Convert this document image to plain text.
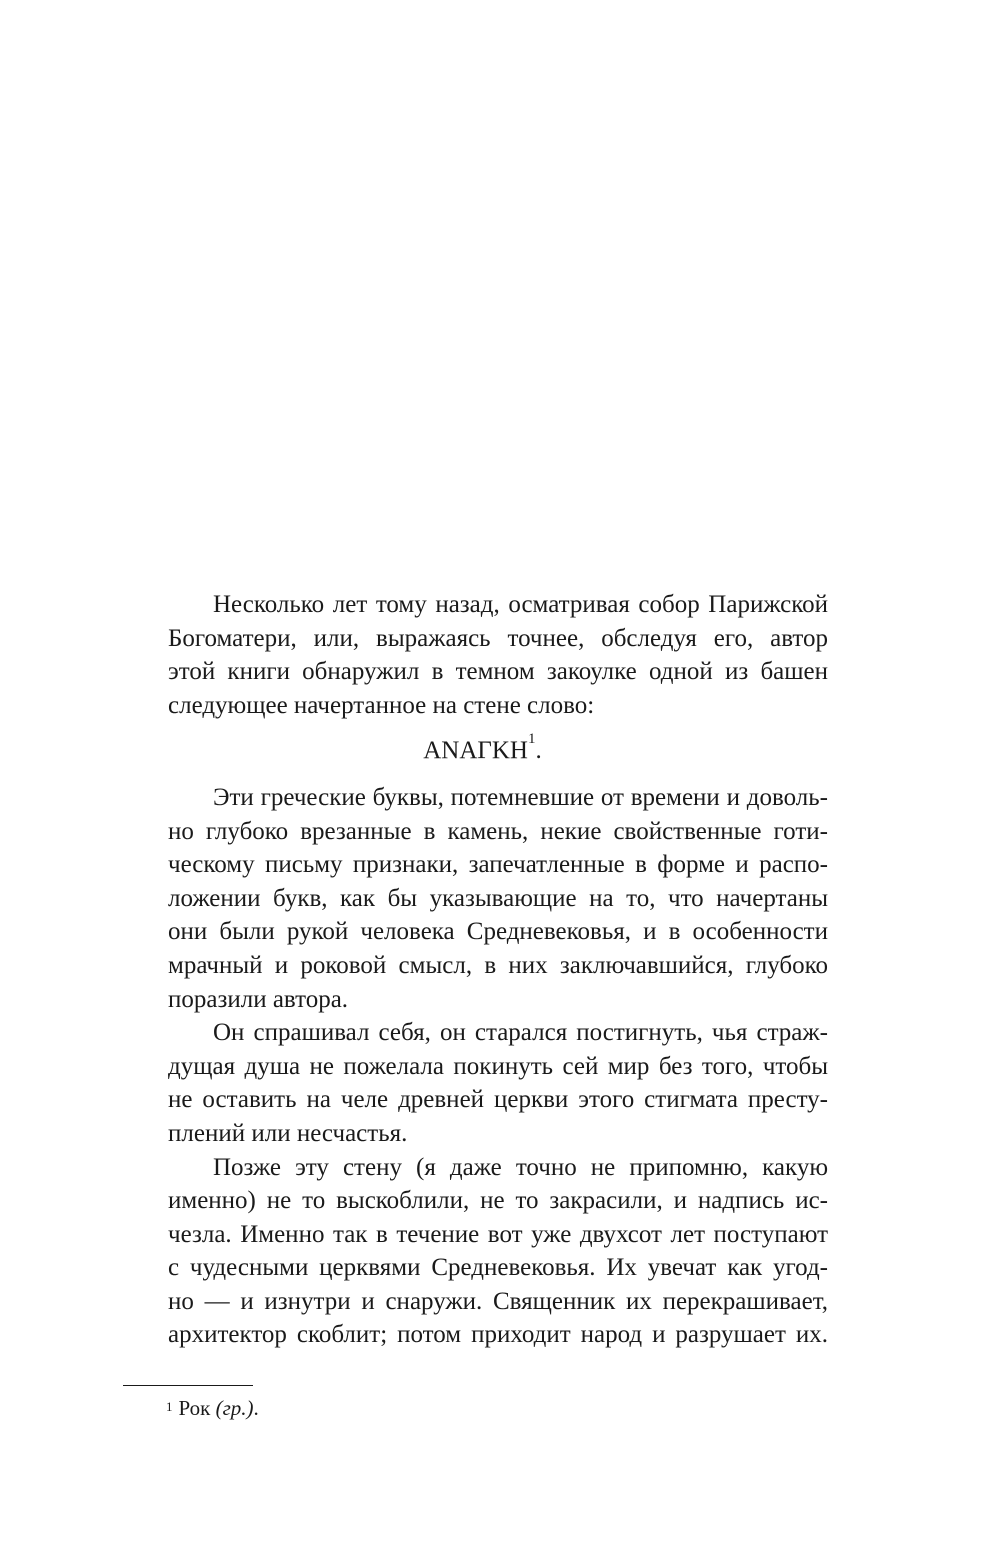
Несколько лет тому назад, осматривая собор Парижской
Богоматери, или, выражаясь точнее, обследуя его, автор
этой книги обнаружил в темном закоулке одной из башен
следующее начертанное на стене слово:

ΑΝΑΓΚΗ$^1$.

Эти греческие буквы, потемневшие от времени и доволь-
но глубоко врезанные в камень, некие свойственные готи-
ческому письму признаки, запечатленные в форме и распо-
ложении букв, как бы указывающие на то, что начертаны
они были рукой человека Средневековья, и в особенности
мрачный и роковой смысл, в них заключавшийся, глубоко
поразили автора.

Он спрашивал себя, он старался постигнуть, чья страж-
дущая душа не пожелала покинуть сей мир без того, чтобы
не оставить на челе древней церкви этого стигмата престу-
плений или несчастья.

Позже эту стену (я даже точно не припомню, какую
именно) не то выскоблили, не то закрасили, и надпись ис-
чезла. Именно так в течение вот уже двухсот лет поступают
с чудесными церквями Средневековья. Их увечат как угод-
но — и изнутри и снаружи. Священник их перекрашивает,
архитектор скоблит; потом приходит народ и разрушает их.

$^1$ Рок (гр.).
